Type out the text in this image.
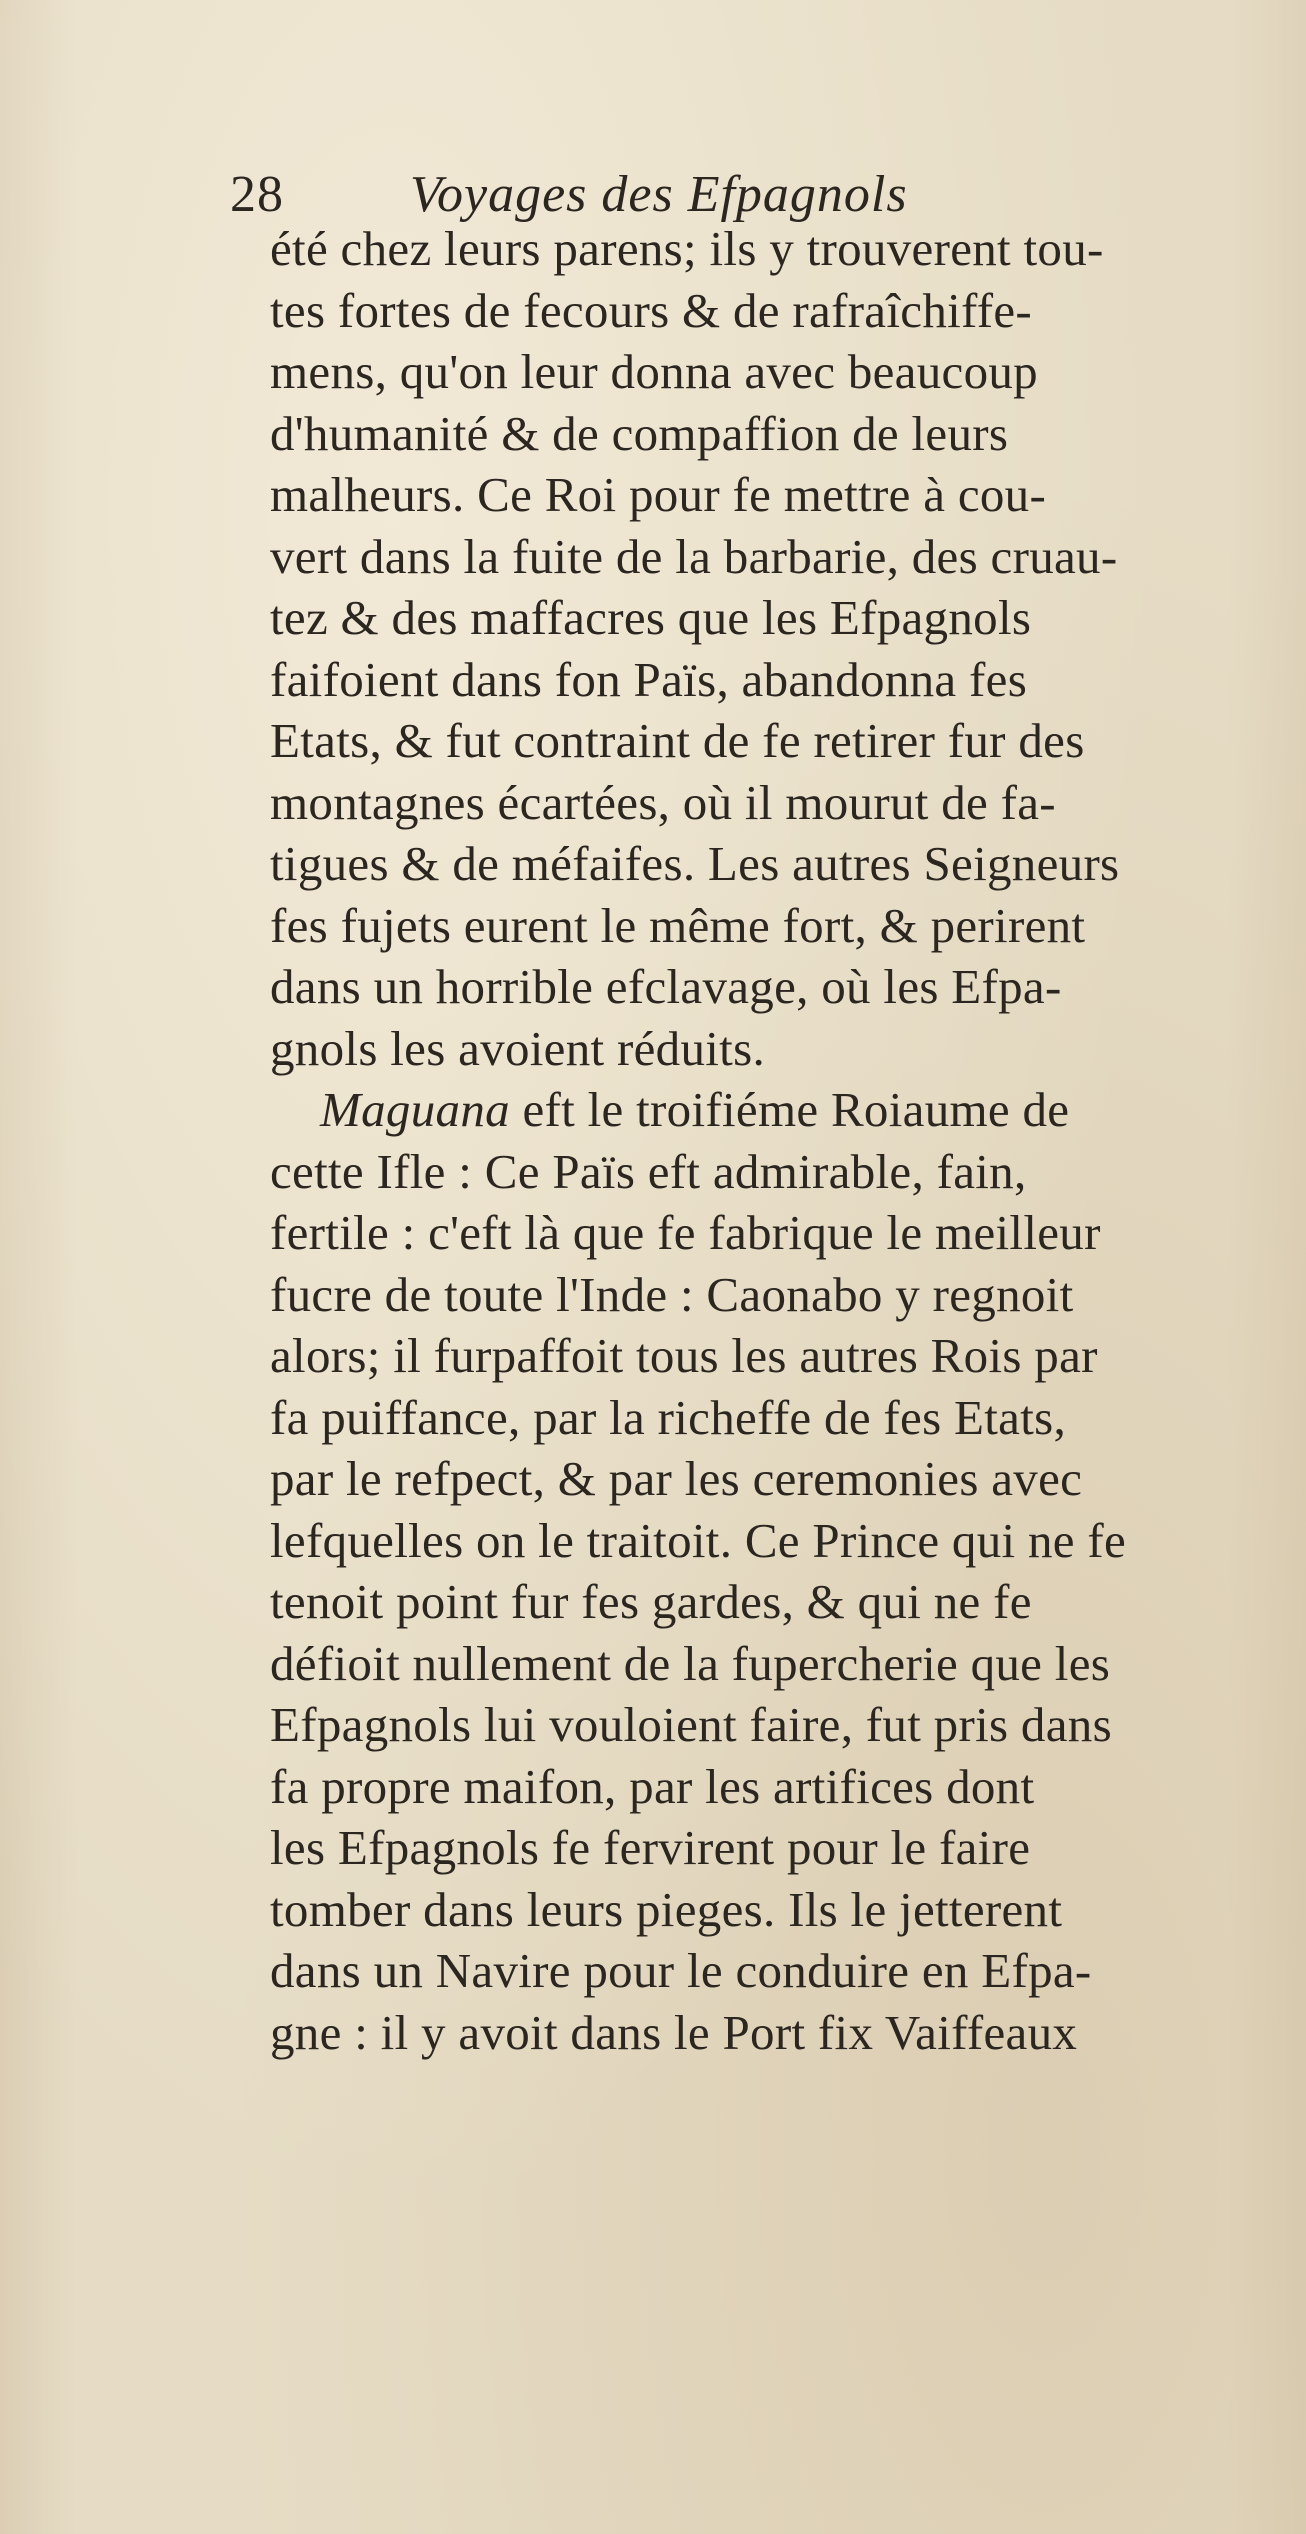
28 Voyages des Efpagnols
été chez leurs parens; ils y trouverent tou-
tes fortes de fecours & de rafraîchiffe-
mens, qu'on leur donna avec beaucoup
d'humanité & de compaffion de leurs
malheurs. Ce Roi pour fe mettre à cou-
vert dans la fuite de la barbarie, des cruau-
tez & des maffacres que les Efpagnols
faifoient dans fon Païs, abandonna fes
Etats, & fut contraint de fe retirer fur des
montagnes écartées, où il mourut de fa-
tigues & de méfaifes. Les autres Seigneurs
fes fujets eurent le même fort, & perirent
dans un horrible efclavage, où les Efpa-
gnols les avoient réduits.
Maguana eft le troifiéme Roiaume de
cette Ifle : Ce Païs eft admirable, fain,
fertile : c'eft là que fe fabrique le meilleur
fucre de toute l'Inde : Caonabo y regnoit
alors; il furpaffoit tous les autres Rois par
fa puiffance, par la richeffe de fes Etats,
par le refpect, & par les ceremonies avec
lefquelles on le traitoit. Ce Prince qui ne fe
tenoit point fur fes gardes, & qui ne fe
défioit nullement de la fupercherie que les
Efpagnols lui vouloient faire, fut pris dans
fa propre maifon, par les artifices dont
les Efpagnols fe fervirent pour le faire
tomber dans leurs pieges. Ils le jetterent
dans un Navire pour le conduire en Efpa-
gne : il y avoit dans le Port fix Vaiffeaux
